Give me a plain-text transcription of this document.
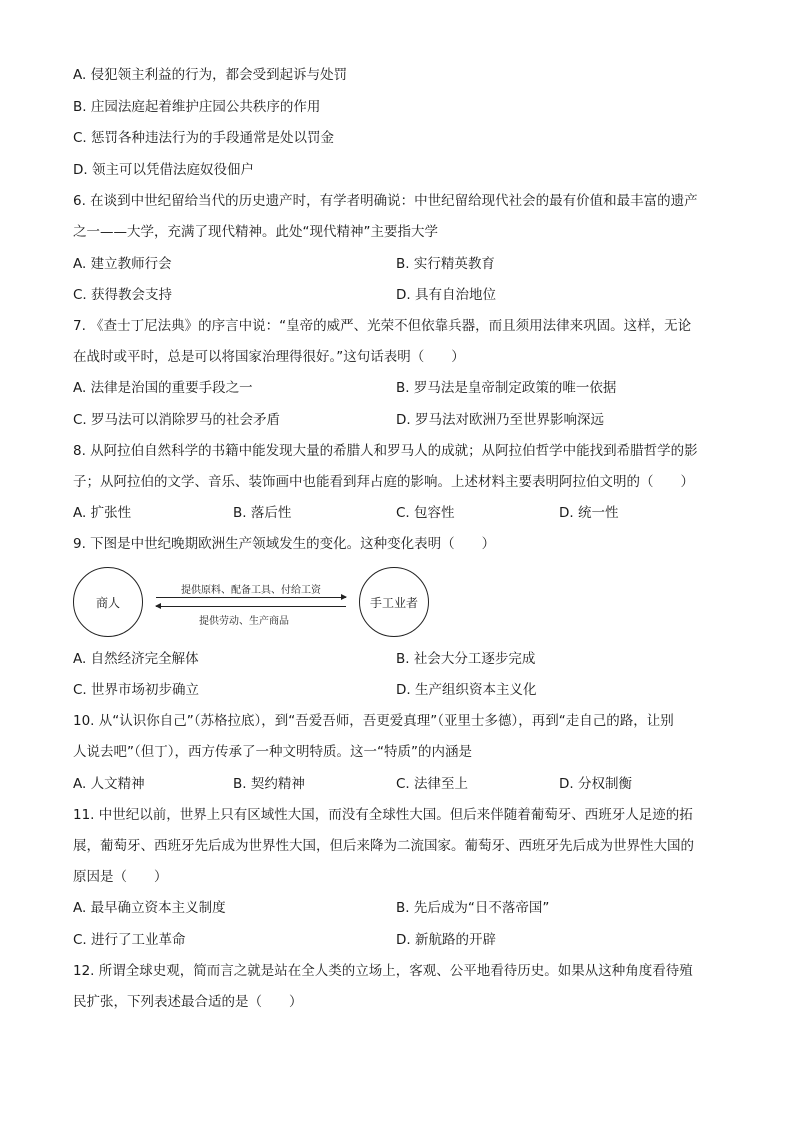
A. 侵犯领主利益的行为，都会受到起诉与处罚
B. 庄园法庭起着维护庄园公共秩序的作用
C. 惩罚各种违法行为的手段通常是处以罚金
D. 领主可以凭借法庭奴役佃户
6. 在谈到中世纪留给当代的历史遗产时，有学者明确说：中世纪留给现代社会的最有价值和最丰富的遗产
之一——大学，充满了现代精神。此处“现代精神”主要指大学
A. 建立教师行会	B. 实行精英教育
C. 获得教会支持	D. 具有自治地位
7. 《查士丁尼法典》的序言中说：“皇帝的威严、光荣不但依靠兵器，而且须用法律来巩固。这样，无论
在战时或平时，总是可以将国家治理得很好。”这句话表明（　　）
A. 法律是治国的重要手段之一	B. 罗马法是皇帝制定政策的唯一依据
C. 罗马法可以消除罗马的社会矛盾	D. 罗马法对欧洲乃至世界影响深远
8. 从阿拉伯自然科学的书籍中能发现大量的希腊人和罗马人的成就；从阿拉伯哲学中能找到希腊哲学的影
子；从阿拉伯的文学、音乐、装饰画中也能看到拜占庭的影响。上述材料主要表明阿拉伯文明的（　　）
A. 扩张性	B. 落后性	C. 包容性	D. 统一性
9. 下图是中世纪晚期欧洲生产领域发生的变化。这种变化表明（　　）
商人
提供原料、配备工具、付给工资
提供劳动、生产商品
手工业者
A. 自然经济完全解体	B. 社会大分工逐步完成
C. 世界市场初步确立	D. 生产组织资本主义化
10. 从“认识你自己”（苏格拉底），到“吾爱吾师，吾更爱真理”（亚里士多德），再到“走自己的路，让别
人说去吧”（但丁），西方传承了一种文明特质。这一“特质”的内涵是
A. 人文精神	B. 契约精神	C. 法律至上	D. 分权制衡
11. 中世纪以前，世界上只有区域性大国，而没有全球性大国。但后来伴随着葡萄牙、西班牙人足迹的拓
展，葡萄牙、西班牙先后成为世界性大国，但后来降为二流国家。葡萄牙、西班牙先后成为世界性大国的
原因是（　　）
A. 最早确立资本主义制度	B. 先后成为“日不落帝国”
C. 进行了工业革命	D. 新航路的开辟
12. 所谓全球史观，简而言之就是站在全人类的立场上，客观、公平地看待历史。如果从这种角度看待殖
民扩张，下列表述最合适的是（　　）
